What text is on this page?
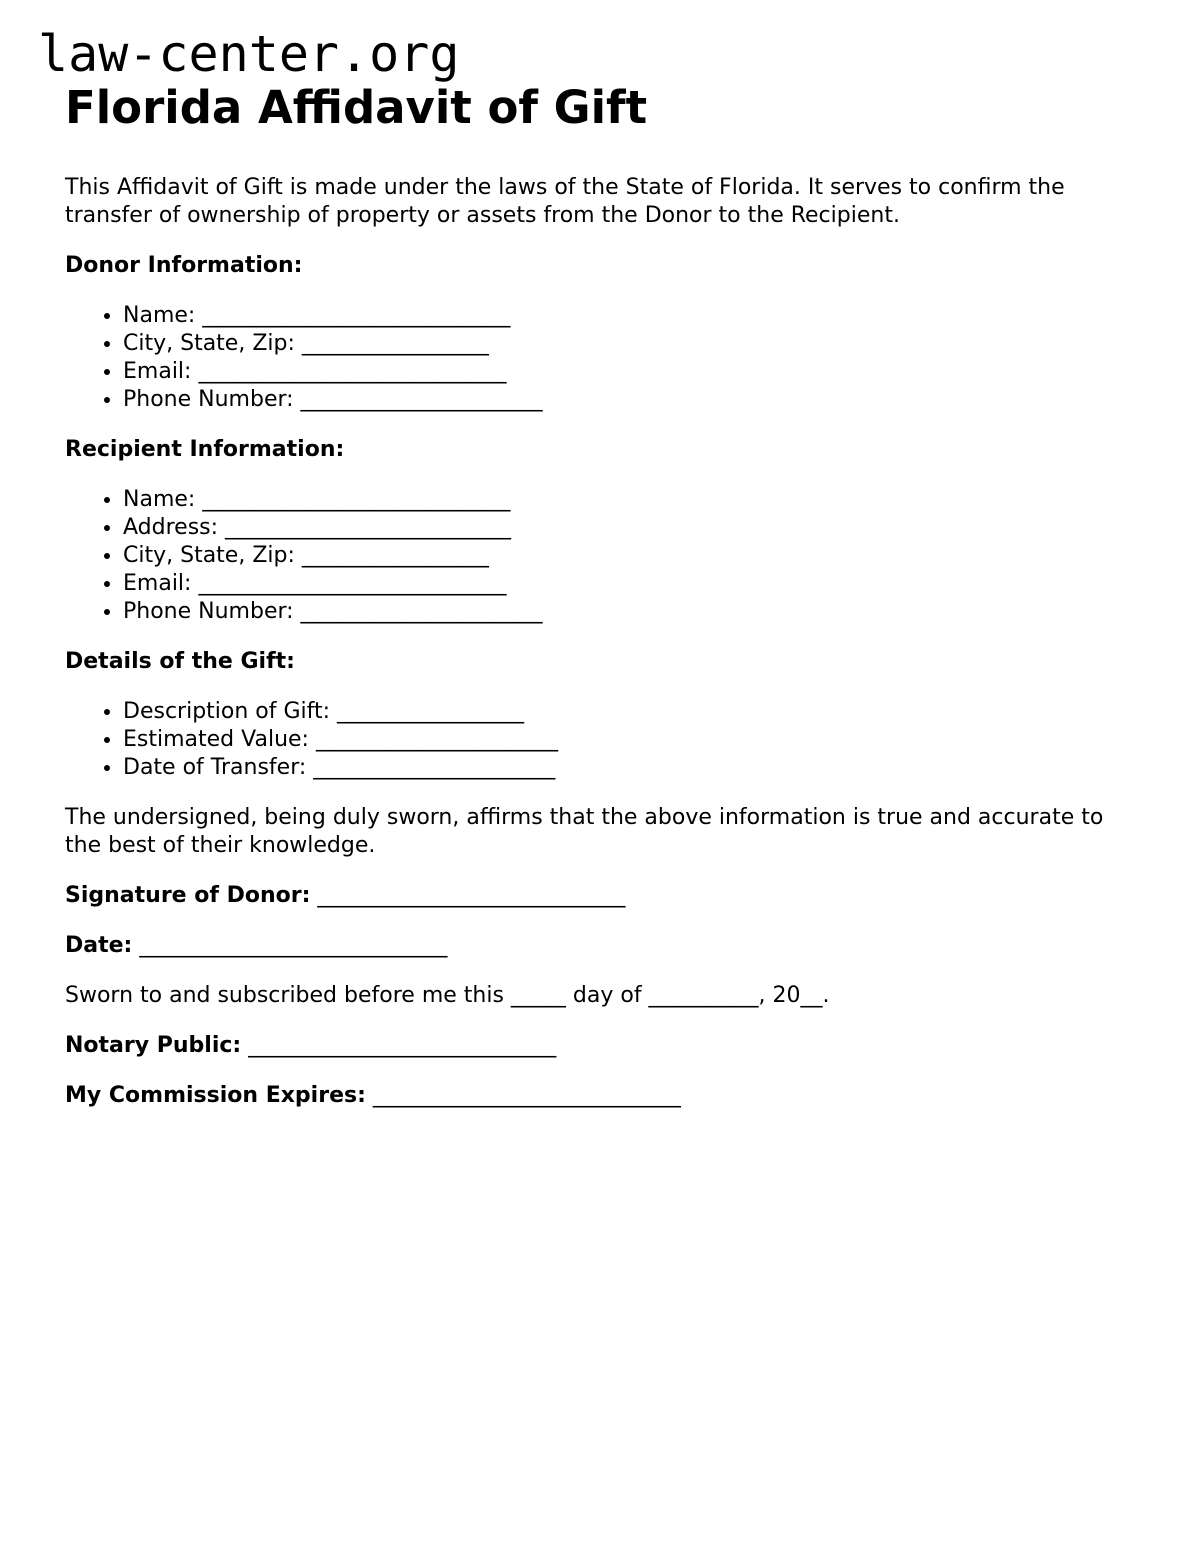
law-center.org
Florida Affidavit of Gift

This Affidavit of Gift is made under the laws of the State of Florida. It serves to confirm the transfer of ownership of property or assets from the Donor to the Recipient.

Donor Information:

• Name: ____________________________
• City, State, Zip: _________________
• Email: ____________________________
• Phone Number: ______________________

Recipient Information:

• Name: ____________________________
• Address: __________________________
• City, State, Zip: _________________
• Email: ____________________________
• Phone Number: ______________________

Details of the Gift:

• Description of Gift: _________________
• Estimated Value: ______________________
• Date of Transfer: ______________________

The undersigned, being duly sworn, affirms that the above information is true and accurate to the best of their knowledge.

Signature of Donor: ____________________________

Date: ____________________________

Sworn to and subscribed before me this _____ day of __________, 20__.

Notary Public: ____________________________

My Commission Expires: ____________________________
